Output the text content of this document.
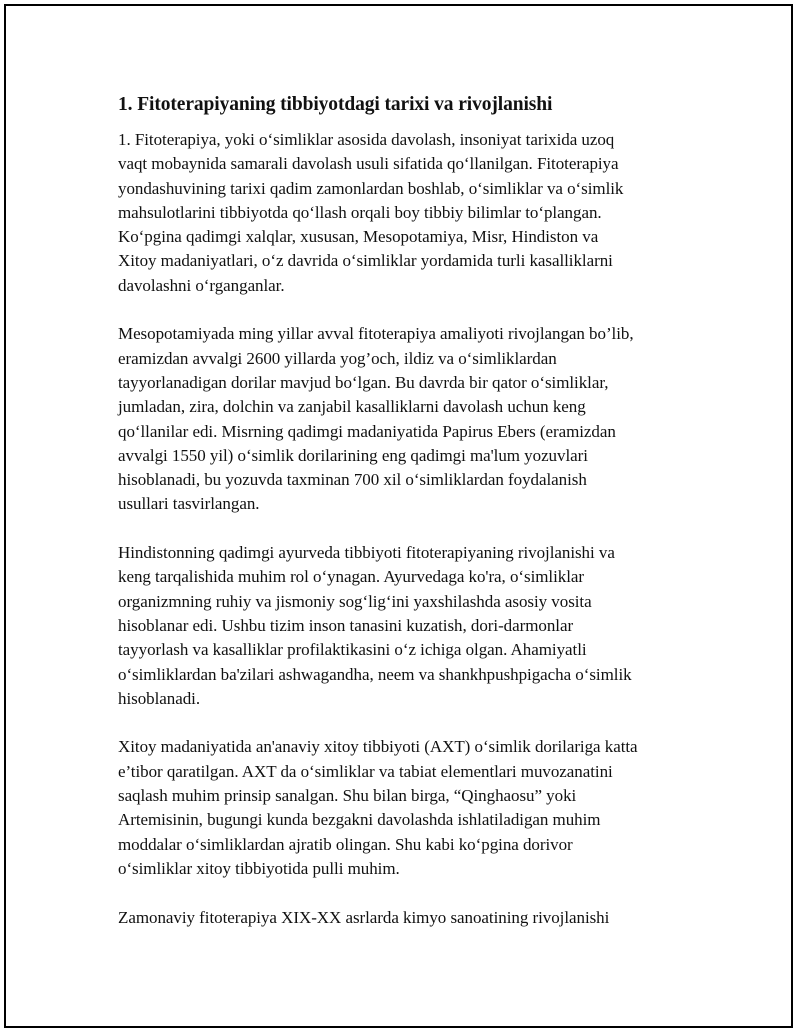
1. Fitoterapiyaning tibbiyotdagi tarixi va rivojlanishi
1. Fitoterapiya, yoki o‘simliklar asosida davolash, insoniyat tarixida uzoq
vaqt mobaynida samarali davolash usuli sifatida qo‘llanilgan. Fitoterapiya
yondashuvining tarixi qadim zamonlardan boshlab, o‘simliklar va o‘simlik
mahsulotlarini tibbiyotda qo‘llash orqali boy tibbiy bilimlar to‘plangan.
Ko‘pgina qadimgi xalqlar, xususan, Mesopotamiya, Misr, Hindiston va
Xitoy madaniyatlari, o‘z davrida o‘simliklar yordamida turli kasalliklarni
davolashni o‘rganganlar.
Mesopotamiyada ming yillar avval fitoterapiya amaliyoti rivojlangan bo’lib,
eramizdan avvalgi 2600 yillarda yog’och, ildiz va o‘simliklardan
tayyorlanadigan dorilar mavjud bo‘lgan. Bu davrda bir qator o‘simliklar,
jumladan, zira, dolchin va zanjabil kasalliklarni davolash uchun keng
qo‘llanilar edi. Misrning qadimgi madaniyatida Papirus Ebers (eramizdan
avvalgi 1550 yil) o‘simlik dorilarining eng qadimgi ma'lum yozuvlari
hisoblanadi, bu yozuvda taxminan 700 xil o‘simliklardan foydalanish
usullari tasvirlangan.
Hindistonning qadimgi ayurveda tibbiyoti fitoterapiyaning rivojlanishi va
keng tarqalishida muhim rol o‘ynagan. Ayurvedaga ko'ra, o‘simliklar
organizmning ruhiy va jismoniy sog‘lig‘ini yaxshilashda asosiy vosita
hisoblanar edi. Ushbu tizim inson tanasini kuzatish, dori-darmonlar
tayyorlash va kasalliklar profilaktikasini o‘z ichiga olgan. Ahamiyatli
o‘simliklardan ba'zilari ashwagandha, neem va shankhpushpigacha o‘simlik
hisoblanadi.
Xitoy madaniyatida an'anaviy xitoy tibbiyoti (AXT) o‘simlik dorilariga katta
e’tibor qaratilgan. AXT da o‘simliklar va tabiat elementlari muvozanatini
saqlash muhim prinsip sanalgan. Shu bilan birga, “Qinghaosu” yoki
Artemisinin, bugungi kunda bezgakni davolashda ishlatiladigan muhim
moddalar o‘simliklardan ajratib olingan. Shu kabi ko‘pgina dorivor
o‘simliklar xitoy tibbiyotida pulli muhim.
Zamonaviy fitoterapiya XIX-XX asrlarda kimyo sanoatining rivojlanishi
